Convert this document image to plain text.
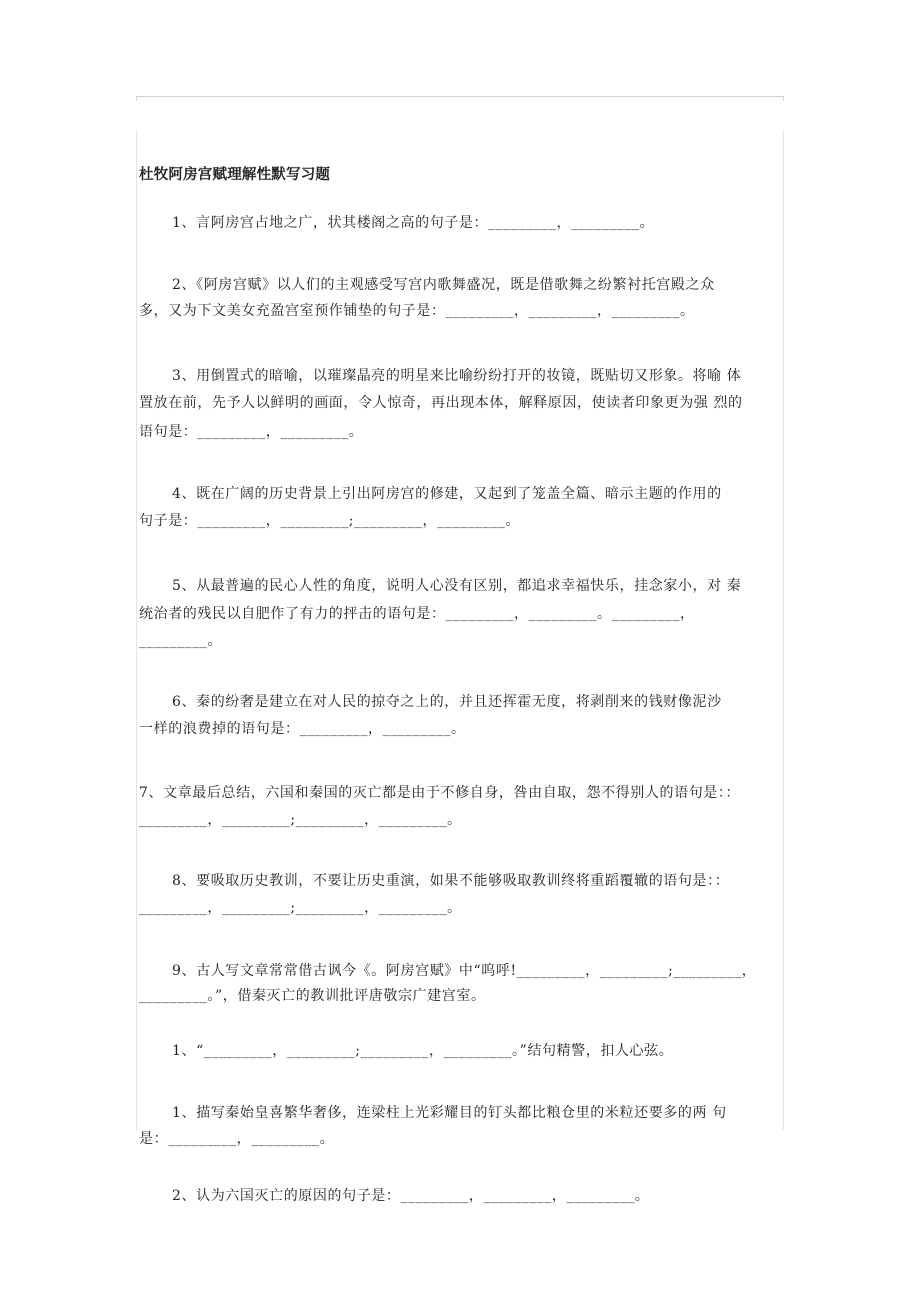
杜牧阿房宫赋理解性默写习题
1、言阿房宫占地之广，状其楼阁之高的句子是：_________，_________。
2、《阿房宫赋》以人们的主观感受写宫内歌舞盛况，既是借歌舞之纷繁衬托宫殿之众
多，又为下文美女充盈宫室预作铺垫的句子是：_________，_________，_________。
3、用倒置式的暗喻，以璀璨晶亮的明星来比喻纷纷打开的妆镜，既贴切又形象。将喻 体
置放在前，先予人以鲜明的画面，令人惊奇，再出现本体，解释原因，使读者印象更为强 烈的
语句是：_________，_________。
4、既在广阔的历史背景上引出阿房宫的修建，又起到了笼盖全篇、暗示主题的作用的
句子是：_________，_________;_________，_________。
5、从最普遍的民心人性的角度，说明人心没有区别，都追求幸福快乐，挂念家小，对 秦
统治者的残民以自肥作了有力的抨击的语句是：_________，_________。_________，
_________。
6、秦的纷奢是建立在对人民的掠夺之上的，并且还挥霍无度，将剥削来的钱财像泥沙
一样的浪费掉的语句是：_________，_________。
7、文章最后总结，六国和秦国的灭亡都是由于不修自身，咎由自取，怨不得别人的语句是：：
_________，_________;_________，_________。
8、要吸取历史教训，不要让历史重演，如果不能够吸取教训终将重蹈覆辙的语句是：：
_________，_________;_________，_________。
9、古人写文章常常借古讽今《。阿房宫赋》中“呜呼!_________，_________;_________，
_________。”，借秦灭亡的教训批评唐敬宗广建宫室。
1、“_________，_________;_________，_________。”结句精警，扣人心弦。
1、描写秦始皇喜繁华奢侈，连梁柱上光彩耀目的钉头都比粮仓里的米粒还要多的两 句
是：_________，_________。
2、认为六国灭亡的原因的句子是：_________，_________，_________。
